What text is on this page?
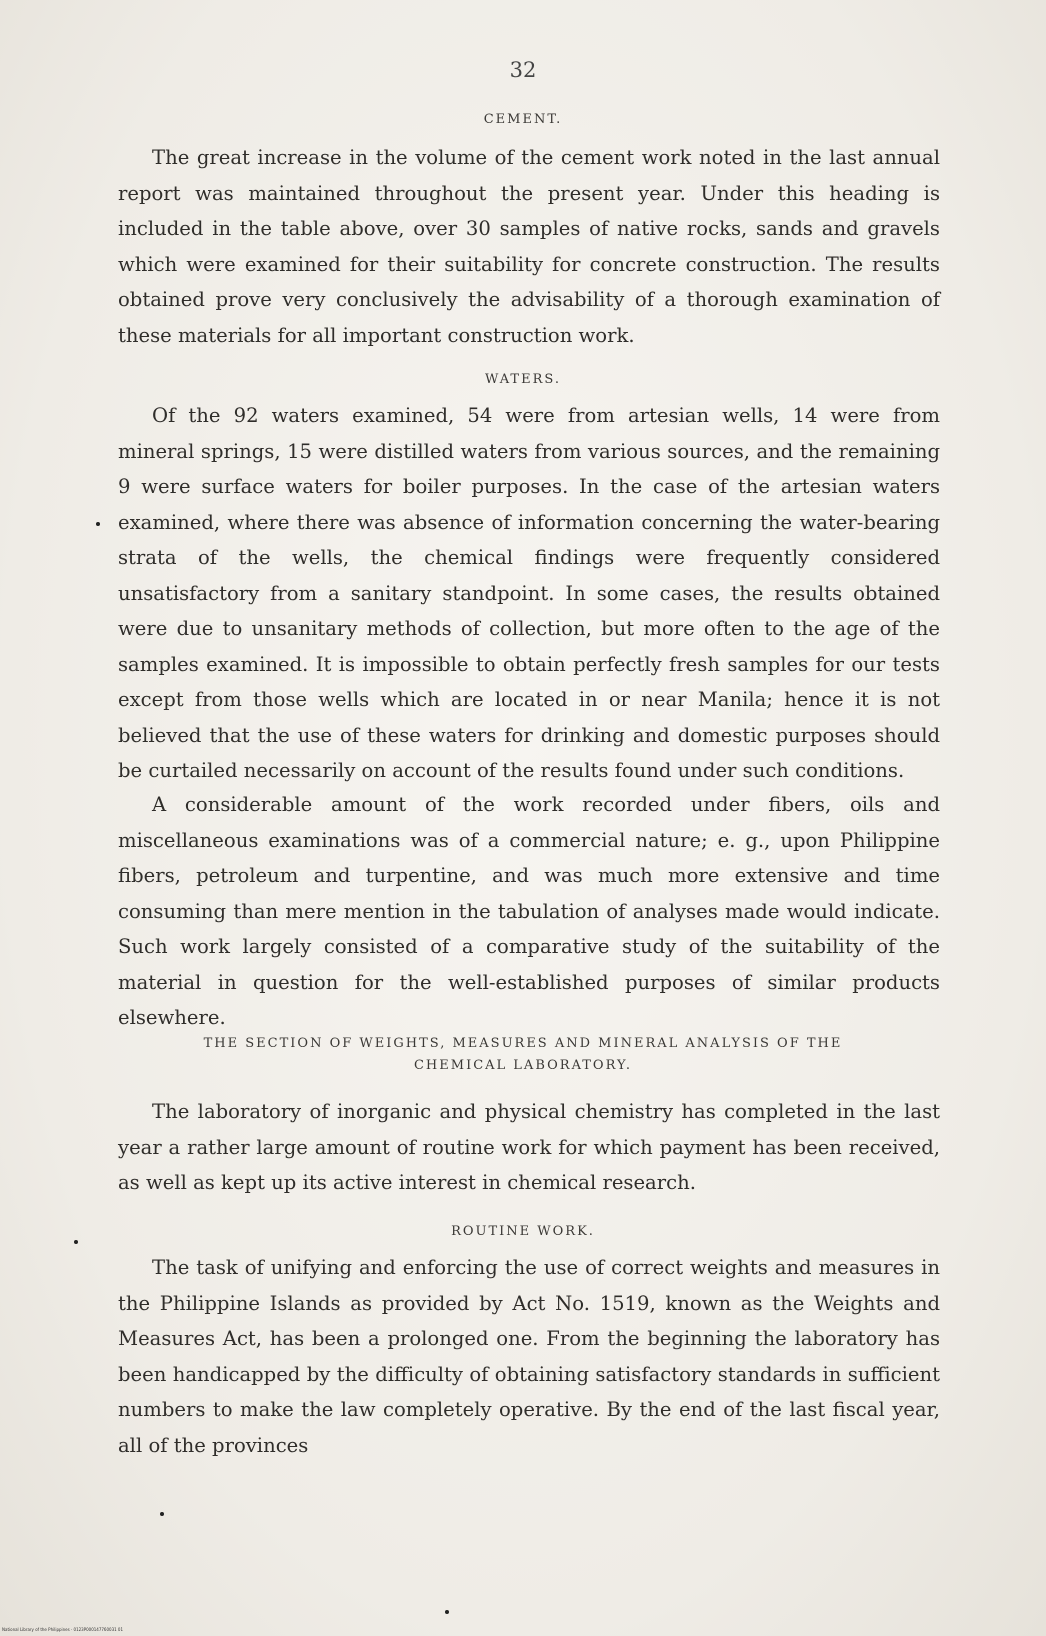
32
CEMENT.

The great increase in the volume of the cement work noted in the last annual report was maintained throughout the present year. Under this heading is included in the table above, over 30 samples of native rocks, sands and gravels which were examined for their suitability for concrete construction. The results obtained prove very conclusively the advisability of a thorough examination of these materials for all important construction work.

WATERS.

Of the 92 waters examined, 54 were from artesian wells, 14 were from mineral springs, 15 were distilled waters from various sources, and the remaining 9 were surface waters for boiler purposes. In the case of the artesian waters examined, where there was absence of information concerning the water-bearing strata of the wells, the chemical findings were frequently considered unsatisfactory from a sanitary standpoint. In some cases, the results obtained were due to unsanitary methods of collection, but more often to the age of the samples examined. It is impossible to obtain perfectly fresh samples for our tests except from those wells which are located in or near Manila; hence it is not believed that the use of these waters for drinking and domestic purposes should be curtailed necessarily on account of the results found under such conditions.

A considerable amount of the work recorded under fibers, oils and miscellaneous examinations was of a commercial nature; e. g., upon Philippine fibers, petroleum and turpentine, and was much more extensive and time consuming than mere mention in the tabulation of analyses made would indicate. Such work largely consisted of a comparative study of the suitability of the material in question for the well-established purposes of similar products elsewhere.

THE SECTION OF WEIGHTS, MEASURES AND MINERAL ANALYSIS OF THE
CHEMICAL LABORATORY.

The laboratory of inorganic and physical chemistry has completed in the last year a rather large amount of routine work for which payment has been received, as well as kept up its active interest in chemical research.

ROUTINE WORK.

The task of unifying and enforcing the use of correct weights and measures in the Philippine Islands as provided by Act No. 1519, known as the Weights and Measures Act, has been a prolonged one. From the beginning the laboratory has been handicapped by the difficulty of obtaining satisfactory standards in sufficient numbers to make the law completely operative. By the end of the last fiscal year, all of the provinces

National Library of the Philippines · 0123P000147760031 01
